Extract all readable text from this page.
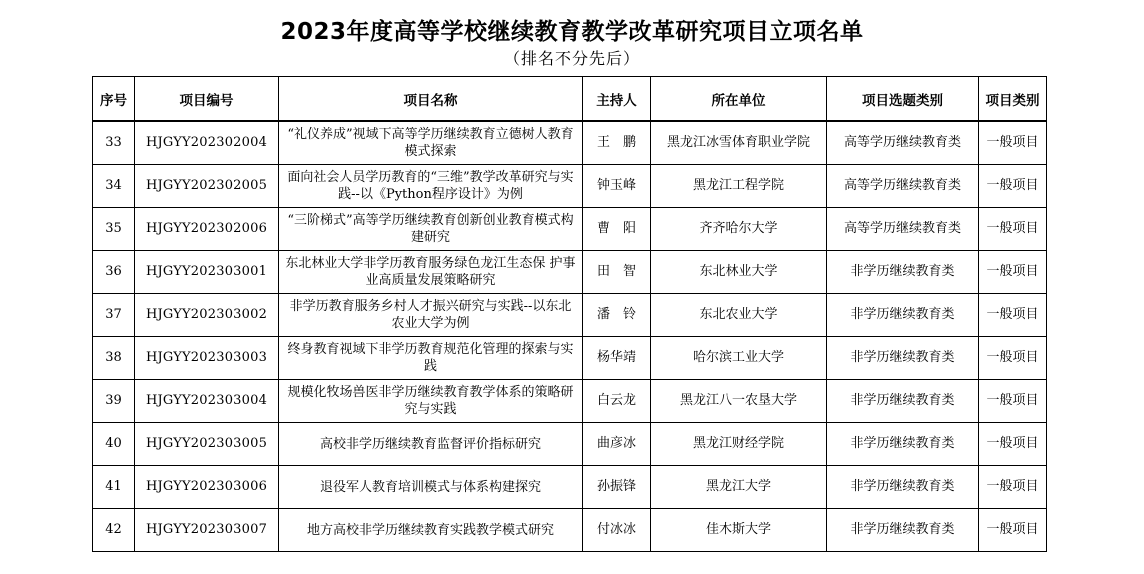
2023年度高等学校继续教育教学改革研究项目立项名单
（排名不分先后）
序号	项目编号	项目名称	主持人	所在单位	项目选题类别	项目类别
33	HJGYY202302004	“礼仪养成”视域下高等学历继续教育立德树人教育模式探索	王　鹏	黑龙江冰雪体育职业学院	高等学历继续教育类	一般项目
34	HJGYY202302005	面向社会人员学历教育的“三维”教学改革研究与实践--以《Python程序设计》为例	钟玉峰	黑龙江工程学院	高等学历继续教育类	一般项目
35	HJGYY202302006	“三阶梯式”高等学历继续教育创新创业教育模式构建研究	曹　阳	齐齐哈尔大学	高等学历继续教育类	一般项目
36	HJGYY202303001	东北林业大学非学历教育服务绿色龙江生态保 护事业高质量发展策略研究	田　智	东北林业大学	非学历继续教育类	一般项目
37	HJGYY202303002	非学历教育服务乡村人才振兴研究与实践--以东北农业大学为例	潘　铃	东北农业大学	非学历继续教育类	一般项目
38	HJGYY202303003	终身教育视域下非学历教育规范化管理的探索与实践	杨华靖	哈尔滨工业大学	非学历继续教育类	一般项目
39	HJGYY202303004	规模化牧场兽医非学历继续教育教学体系的策略研究与实践	白云龙	黑龙江八一农垦大学	非学历继续教育类	一般项目
40	HJGYY202303005	高校非学历继续教育监督评价指标研究	曲彦冰	黑龙江财经学院	非学历继续教育类	一般项目
41	HJGYY202303006	退役军人教育培训模式与体系构建探究	孙振锋	黑龙江大学	非学历继续教育类	一般项目
42	HJGYY202303007	地方高校非学历继续教育实践教学模式研究	付冰冰	佳木斯大学	非学历继续教育类	一般项目
